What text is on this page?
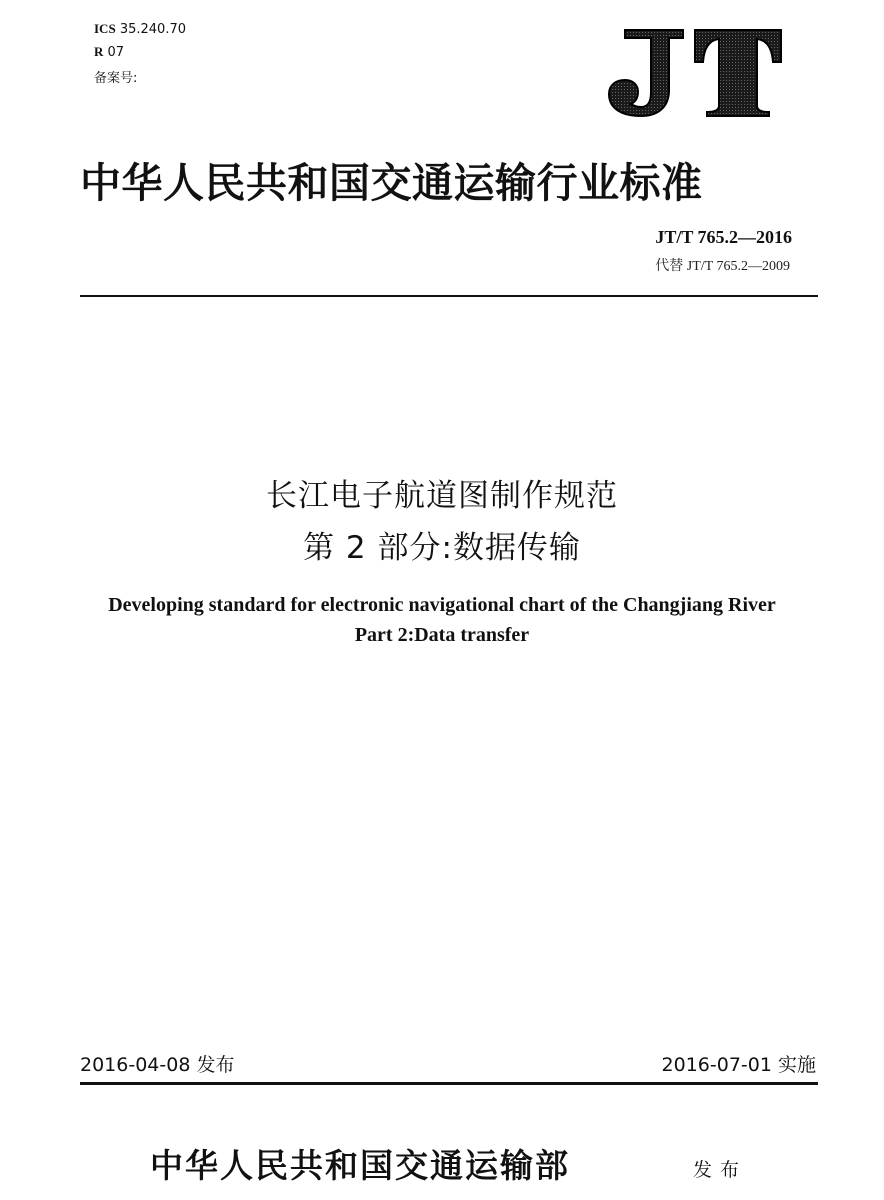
ICS 35.240.70
R 07
备案号:
JT
中华人民共和国交通运输行业标准
JT/T 765.2—2016
代替 JT/T 765.2—2009
长江电子航道图制作规范
第 2 部分:数据传输
Developing standard for electronic navigational chart of the Changjiang River
Part 2:Data transfer
2016-04-08 发布	2016-07-01 实施
中华人民共和国交通运输部	发布
